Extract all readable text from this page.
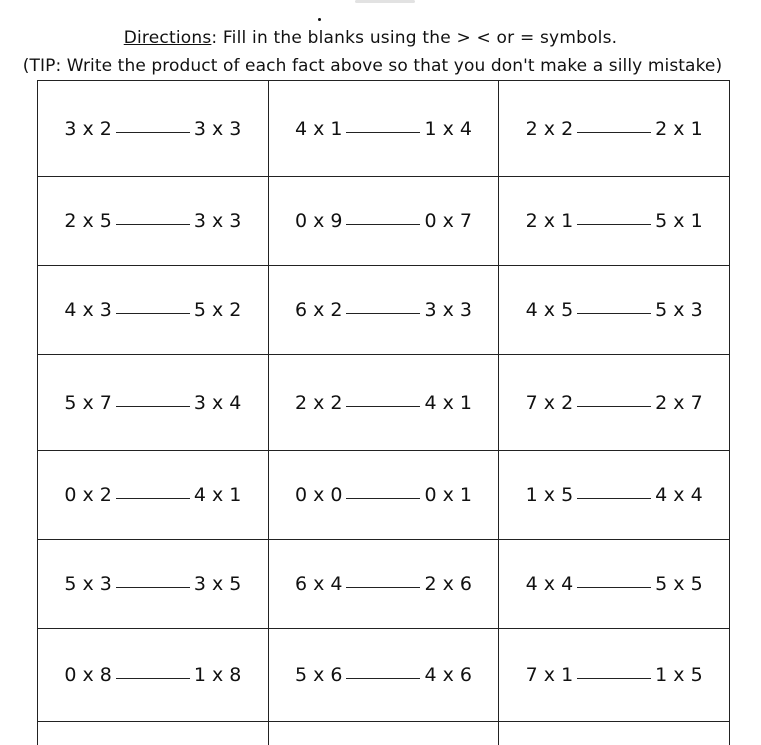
Directions: Fill in the blanks using the > < or = symbols.
(TIP: Write the product of each fact above so that you don't make a silly mistake)
3 x 2 3 x 3	4 x 1 1 x 4	2 x 2 2 x 1
2 x 5 3 x 3	0 x 9 0 x 7	2 x 1 5 x 1
4 x 3 5 x 2	6 x 2 3 x 3	4 x 5 5 x 3
5 x 7 3 x 4	2 x 2 4 x 1	7 x 2 2 x 7
0 x 2 4 x 1	0 x 0 0 x 1	1 x 5 4 x 4
5 x 3 3 x 5	6 x 4 2 x 6	4 x 4 5 x 5
0 x 8 1 x 8	5 x 6 4 x 6	7 x 1 1 x 5
